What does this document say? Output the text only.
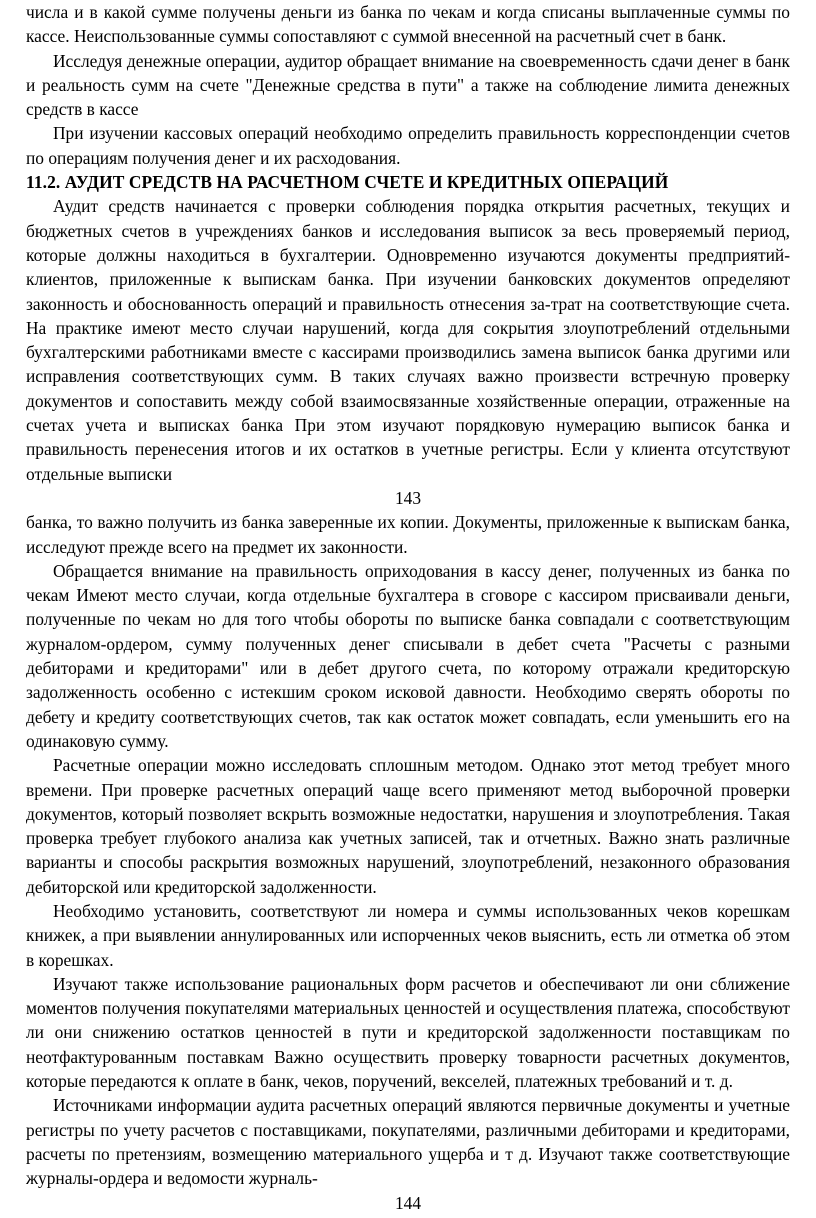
числа и в какой сумме получены деньги из банка по чекам и когда списаны выплаченные суммы по кассе. Неиспользованные суммы сопоставляют с суммой внесенной на расчетный счет в банк.

Исследуя денежные операции, аудитор обращает внимание на своевременность сдачи денег в банк и реальность сумм на счете "Денежные средства в пути" а также на соблюдение лимита денежных средств в кассе

При изучении кассовых операций необходимо определить правильность корреспонденции счетов по операциям получения денег и их расходования.

11.2. АУДИТ СРЕДСТВ НА РАСЧЕТНОМ СЧЕТЕ И КРЕДИТНЫХ ОПЕРАЦИЙ

Аудит средств начинается с проверки соблюдения порядка открытия расчетных, текущих и бюджетных счетов в учреждениях банков и исследования выписок за весь проверяемый период, которые должны находиться в бухгалтерии. Одновременно изучаются документы предприятий-клиентов, приложенные к выпискам банка. При изучении банковских документов определяют законность и обоснованность операций и правильность отнесения за-трат на соответствующие счета. На практике имеют место случаи нарушений, когда для сокрытия злоупотреблений отдельными бухгалтерскими работниками вместе с кассирами производились замена выписок банка другими или исправления соответствующих сумм. В таких случаях важно произвести встречную проверку документов и сопоставить между собой взаимосвязанные хозяйственные операции, отраженные на счетах учета и выписках банка При этом изучают порядковую нумерацию выписок банка и правильность перенесения итогов и их остатков в учетные регистры. Если у клиента отсутствуют отдельные выписки

143

банка, то важно получить из банка заверенные их копии. Документы, приложенные к выпискам банка, исследуют прежде всего на предмет их законности.

Обращается внимание на правильность оприходования в кассу денег, полученных из банка по чекам Имеют место случаи, когда отдельные бухгалтера в сговоре с кассиром присваивали деньги, полученные по чекам но для того чтобы обороты по выписке банка совпадали с соответствующим журналом-ордером, сумму полученных денег списывали в дебет счета "Расчеты с разными дебиторами и кредиторами" или в дебет другого счета, по которому отражали кредиторскую задолженность особенно с истекшим сроком исковой давности. Необходимо сверять обороты по дебету и кредиту соответствующих счетов, так как остаток может совпадать, если уменьшить его на одинаковую сумму.

Расчетные операции можно исследовать сплошным методом. Однако этот метод требует много времени. При проверке расчетных операций чаще всего применяют метод выборочной проверки документов, который позволяет вскрыть возможные недостатки, нарушения и злоупотребления. Такая проверка требует глубокого анализа как учетных записей, так и отчетных. Важно знать различные варианты и способы раскрытия возможных нарушений, злоупотреблений, незаконного образования дебиторской или кредиторской задолженности.

Необходимо установить, соответствуют ли номера и суммы использованных чеков корешкам книжек, а при выявлении аннулированных или испорченных чеков выяснить, есть ли отметка об этом в корешках.

Изучают также использование рациональных форм расчетов и обеспечивают ли они сближение моментов получения покупателями материальных ценностей и осуществления платежа, способствуют ли они снижению остатков ценностей в пути и кредиторской задолженности поставщикам по неотфактурованным поставкам Важно осуществить проверку товарности расчетных документов, которые передаются к оплате в банк, чеков, поручений, векселей, платежных требований и т. д.

Источниками информации аудита расчетных операций являются первичные документы и учетные регистры по учету расчетов с поставщиками, покупателями, различными дебиторами и кредиторами, расчеты по претензиям, возмещению материального ущерба и т д. Изучают также соответствующие журналы-ордера и ведомости журналь-

144
